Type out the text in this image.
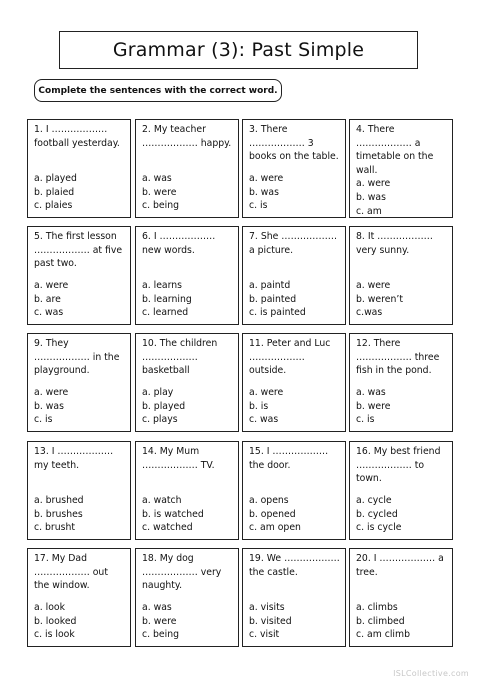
Grammar (3): Past Simple
Complete the sentences with the correct word.
1. I ……………… football yesterday.
a. played
b. plaied
c. plaies
2. My teacher ……………… happy.
a. was
b. were
c. being
3. There ……………… 3 books on the table.
a. were
b. was
c. is
4. There ……………… a timetable on the wall.
a. were
b. was
c. am
5. The first lesson ……………… at five past two.
a. were
b. are
c. was
6. I ……………… new words.
a. learns
b. learning
c. learned
7. She ……………… a picture.
a. paintd
b. painted
c. is painted
8. It ……………… very sunny.
a. were
b. weren’t
c.was
9. They ……………… in the playground.
a. were
b. was
c. is
10. The children ……………… basketball
a. play
b. played
c. plays
11. Peter and Luc ……………… outside.
a. were
b. is
c. was
12. There ……………… three fish in the pond.
a. was
b. were
c. is
13. I ……………… my teeth.
a. brushed
b. brushes
c. brusht
14. My Mum ……………… TV.
a. watch
b. is watched
c. watched
15. I ……………… the door.
a. opens
b. opened
c. am open
16. My best friend ……………… to town.
a. cycle
b. cycled
c. is cycle
17. My Dad ……………… out the window.
a. look
b. looked
c. is look
18. My dog ……………… very naughty.
a. was
b. were
c. being
19. We ……………… the castle.
a. visits
b. visited
c. visit
20. I ……………… a tree.
a. climbs
b. climbed
c. am climb
ISLCollective.com
